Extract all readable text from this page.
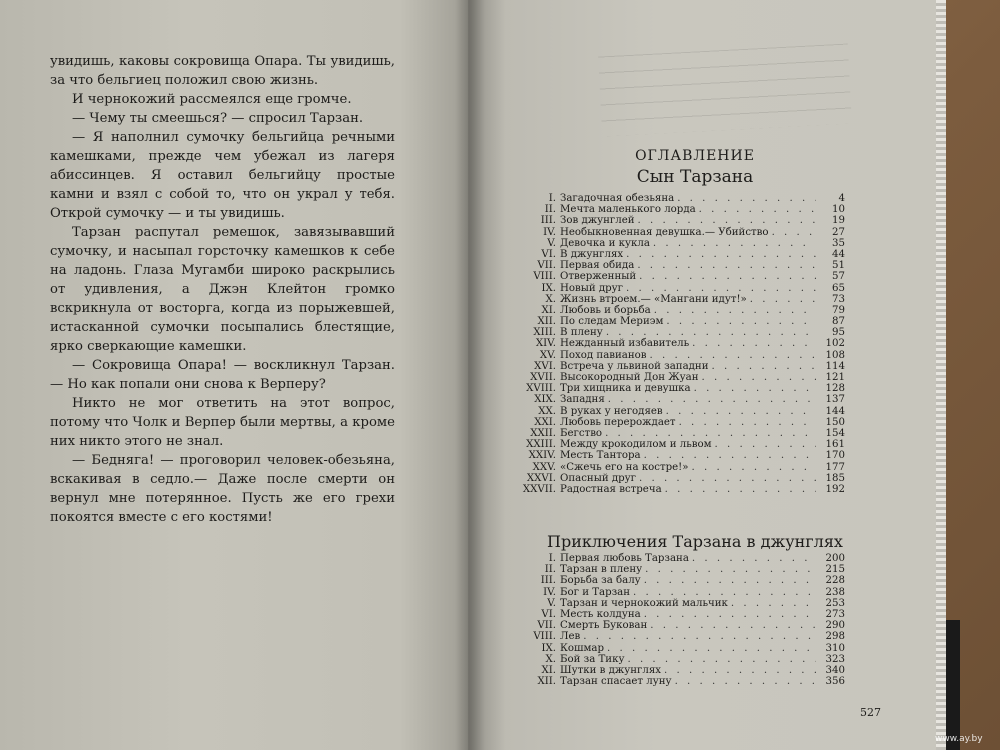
увидишь, каковы сокровища Опара. Ты увидишь, за что бельгиец положил свою жизнь.

И чернокожий рассмеялся еще громче.

— Чему ты смеешься? — спросил Тарзан.

— Я наполнил сумочку бельгийца речными камешками, прежде чем убежал из лагеря абиссинцев. Я оставил бельгийцу простые камни и взял с собой то, что он украл у тебя. Открой сумочку — и ты увидишь.

Тарзан распутал ремешок, завязывавший сумочку, и насыпал горсточку камешков к себе на ладонь. Глаза Мугамби широко раскрылись от удивления, а Джэн Клейтон громко вскрикнула от восторга, когда из порыжевшей, истасканной сумочки посыпались блестящие, ярко сверкающие камешки.

— Сокровища Опара! — воскликнул Тарзан.— Но как попали они снова к Верперу?

Никто не мог ответить на этот вопрос, потому что Чолк и Верпер были мертвы, а кроме них никто этого не знал.

— Бедняга! — проговорил человек-обезьяна, вскакивая в седло.— Даже после смерти он вернул мне потерянное. Пусть же его грехи покоятся вместе с его костями!

ОГЛАВЛЕНИЕ
Сын Тарзана
I. Загадочная обезьяна . . .	4
II. Мечта маленького лорда . . .	10
III. Зов джунглей . . .	19
IV. Необыкновенная девушка.— Убийство . . .	27
V. Девочка и кукла . . .	35
VI. В джунглях . . .	44
VII. Первая обида . . .	51
VIII. Отверженный . . .	57
IX. Новый друг . . .	65
X. Жизнь втроем.— «Мангани идут!» . . .	73
XI. Любовь и борьба . . .	79
XII. По следам Мериэм . . .	87
XIII. В плену . . .	95
XIV. Нежданный избавитель . . .	102
XV. Поход павианов . . .	108
XVI. Встреча у львиной западни . . .	114
XVII. Высокородный Дон Жуан . . .	121
XVIII. Три хищника и девушка . . .	128
XIX. Западня . . .	137
XX. В руках у негодяев . . .	144
XXI. Любовь перерождает . . .	150
XXII. Бегство . . .	154
XXIII. Между крокодилом и львом . . .	161
XXIV. Месть Тантора . . .	170
XXV. «Сжечь его на костре!» . . .	177
XXVI. Опасный друг . . .	185
XXVII. Радостная встреча . . .	192
Приключения Тарзана в джунглях
I. Первая любовь Тарзана . . .	200
II. Тарзан в плену . . .	215
III. Борьба за балу . . .	228
IV. Бог и Тарзан . . .	238
V. Тарзан и чернокожий мальчик . . .	253
VI. Месть колдуна . . .	273
VII. Смерть Букован . . .	290
VIII. Лев . . .	298
IX. Кошмар . . .	310
X. Бой за Тику . . .	323
XI. Шутки в джунглях . . .	340
XII. Тарзан спасает луну . . .	356
527
www.ay.by
